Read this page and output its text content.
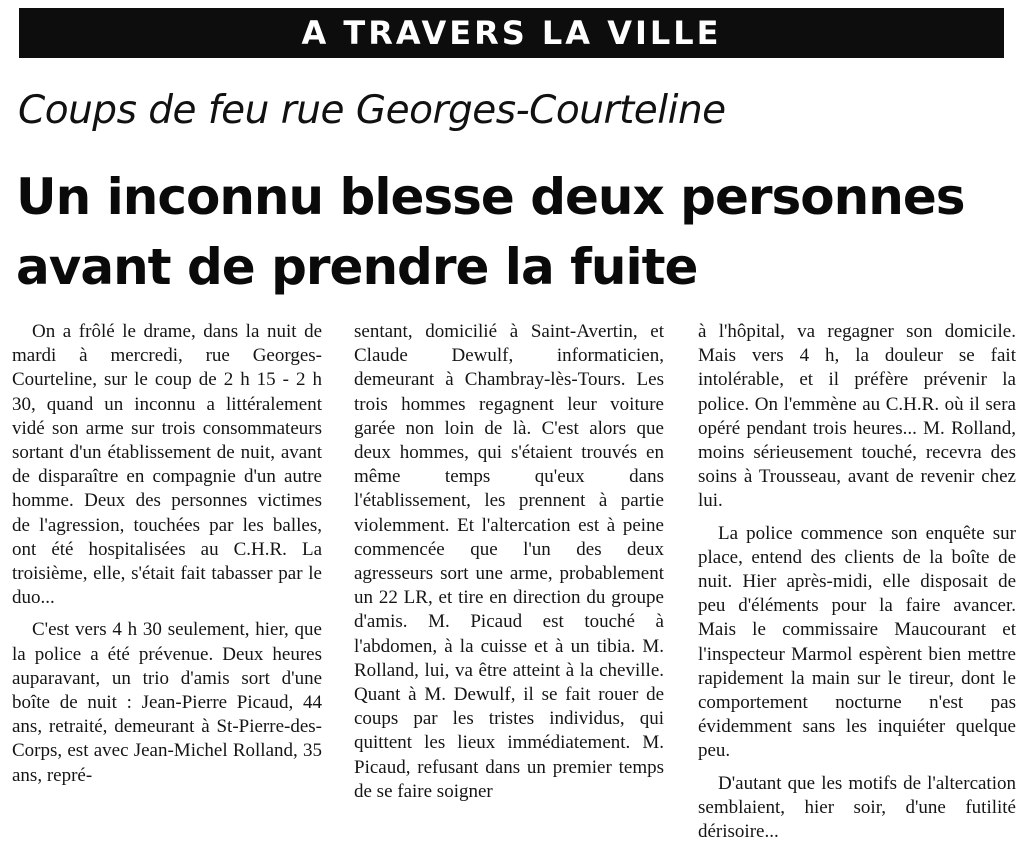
A TRAVERS LA VILLE
Coups de feu rue Georges-Courteline
Un inconnu blesse deux personnes
avant de prendre la fuite

On a frôlé le drame, dans la nuit de mardi à mercredi, rue Georges-Courteline, sur le coup de 2 h 15 - 2 h 30, quand un inconnu a littéralement vidé son arme sur trois consommateurs sortant d'un établissement de nuit, avant de disparaître en compagnie d'un autre homme. Deux des personnes victimes de l'agression, touchées par les balles, ont été hospitalisées au C.H.R. La troisième, elle, s'était fait tabasser par le duo...

C'est vers 4 h 30 seulement, hier, que la police a été prévenue. Deux heures auparavant, un trio d'amis sort d'une boîte de nuit : Jean-Pierre Picaud, 44 ans, retraité, demeurant à St-Pierre-des-Corps, est avec Jean-Michel Rolland, 35 ans, repré-

sentant, domicilié à Saint-Avertin, et Claude Dewulf, informaticien, demeurant à Chambray-lès-Tours. Les trois hommes regagnent leur voiture garée non loin de là. C'est alors que deux hommes, qui s'étaient trouvés en même temps qu'eux dans l'établissement, les prennent à partie violemment. Et l'altercation est à peine commencée que l'un des deux agresseurs sort une arme, probablement un 22 LR, et tire en direction du groupe d'amis. M. Picaud est touché à l'abdomen, à la cuisse et à un tibia. M. Rolland, lui, va être atteint à la cheville. Quant à M. Dewulf, il se fait rouer de coups par les tristes individus, qui quittent les lieux immédiatement. M. Picaud, refusant dans un premier temps de se faire soigner

à l'hôpital, va regagner son domicile. Mais vers 4 h, la douleur se fait intolérable, et il préfère prévenir la police. On l'emmène au C.H.R. où il sera opéré pendant trois heures... M. Rolland, moins sérieusement touché, recevra des soins à Trousseau, avant de revenir chez lui.

La police commence son enquête sur place, entend des clients de la boîte de nuit. Hier après-midi, elle disposait de peu d'éléments pour la faire avancer. Mais le commissaire Maucourant et l'inspecteur Marmol espèrent bien mettre rapidement la main sur le tireur, dont le comportement nocturne n'est pas évidemment sans les inquiéter quelque peu.

D'autant que les motifs de l'altercation semblaient, hier soir, d'une futilité dérisoire...
